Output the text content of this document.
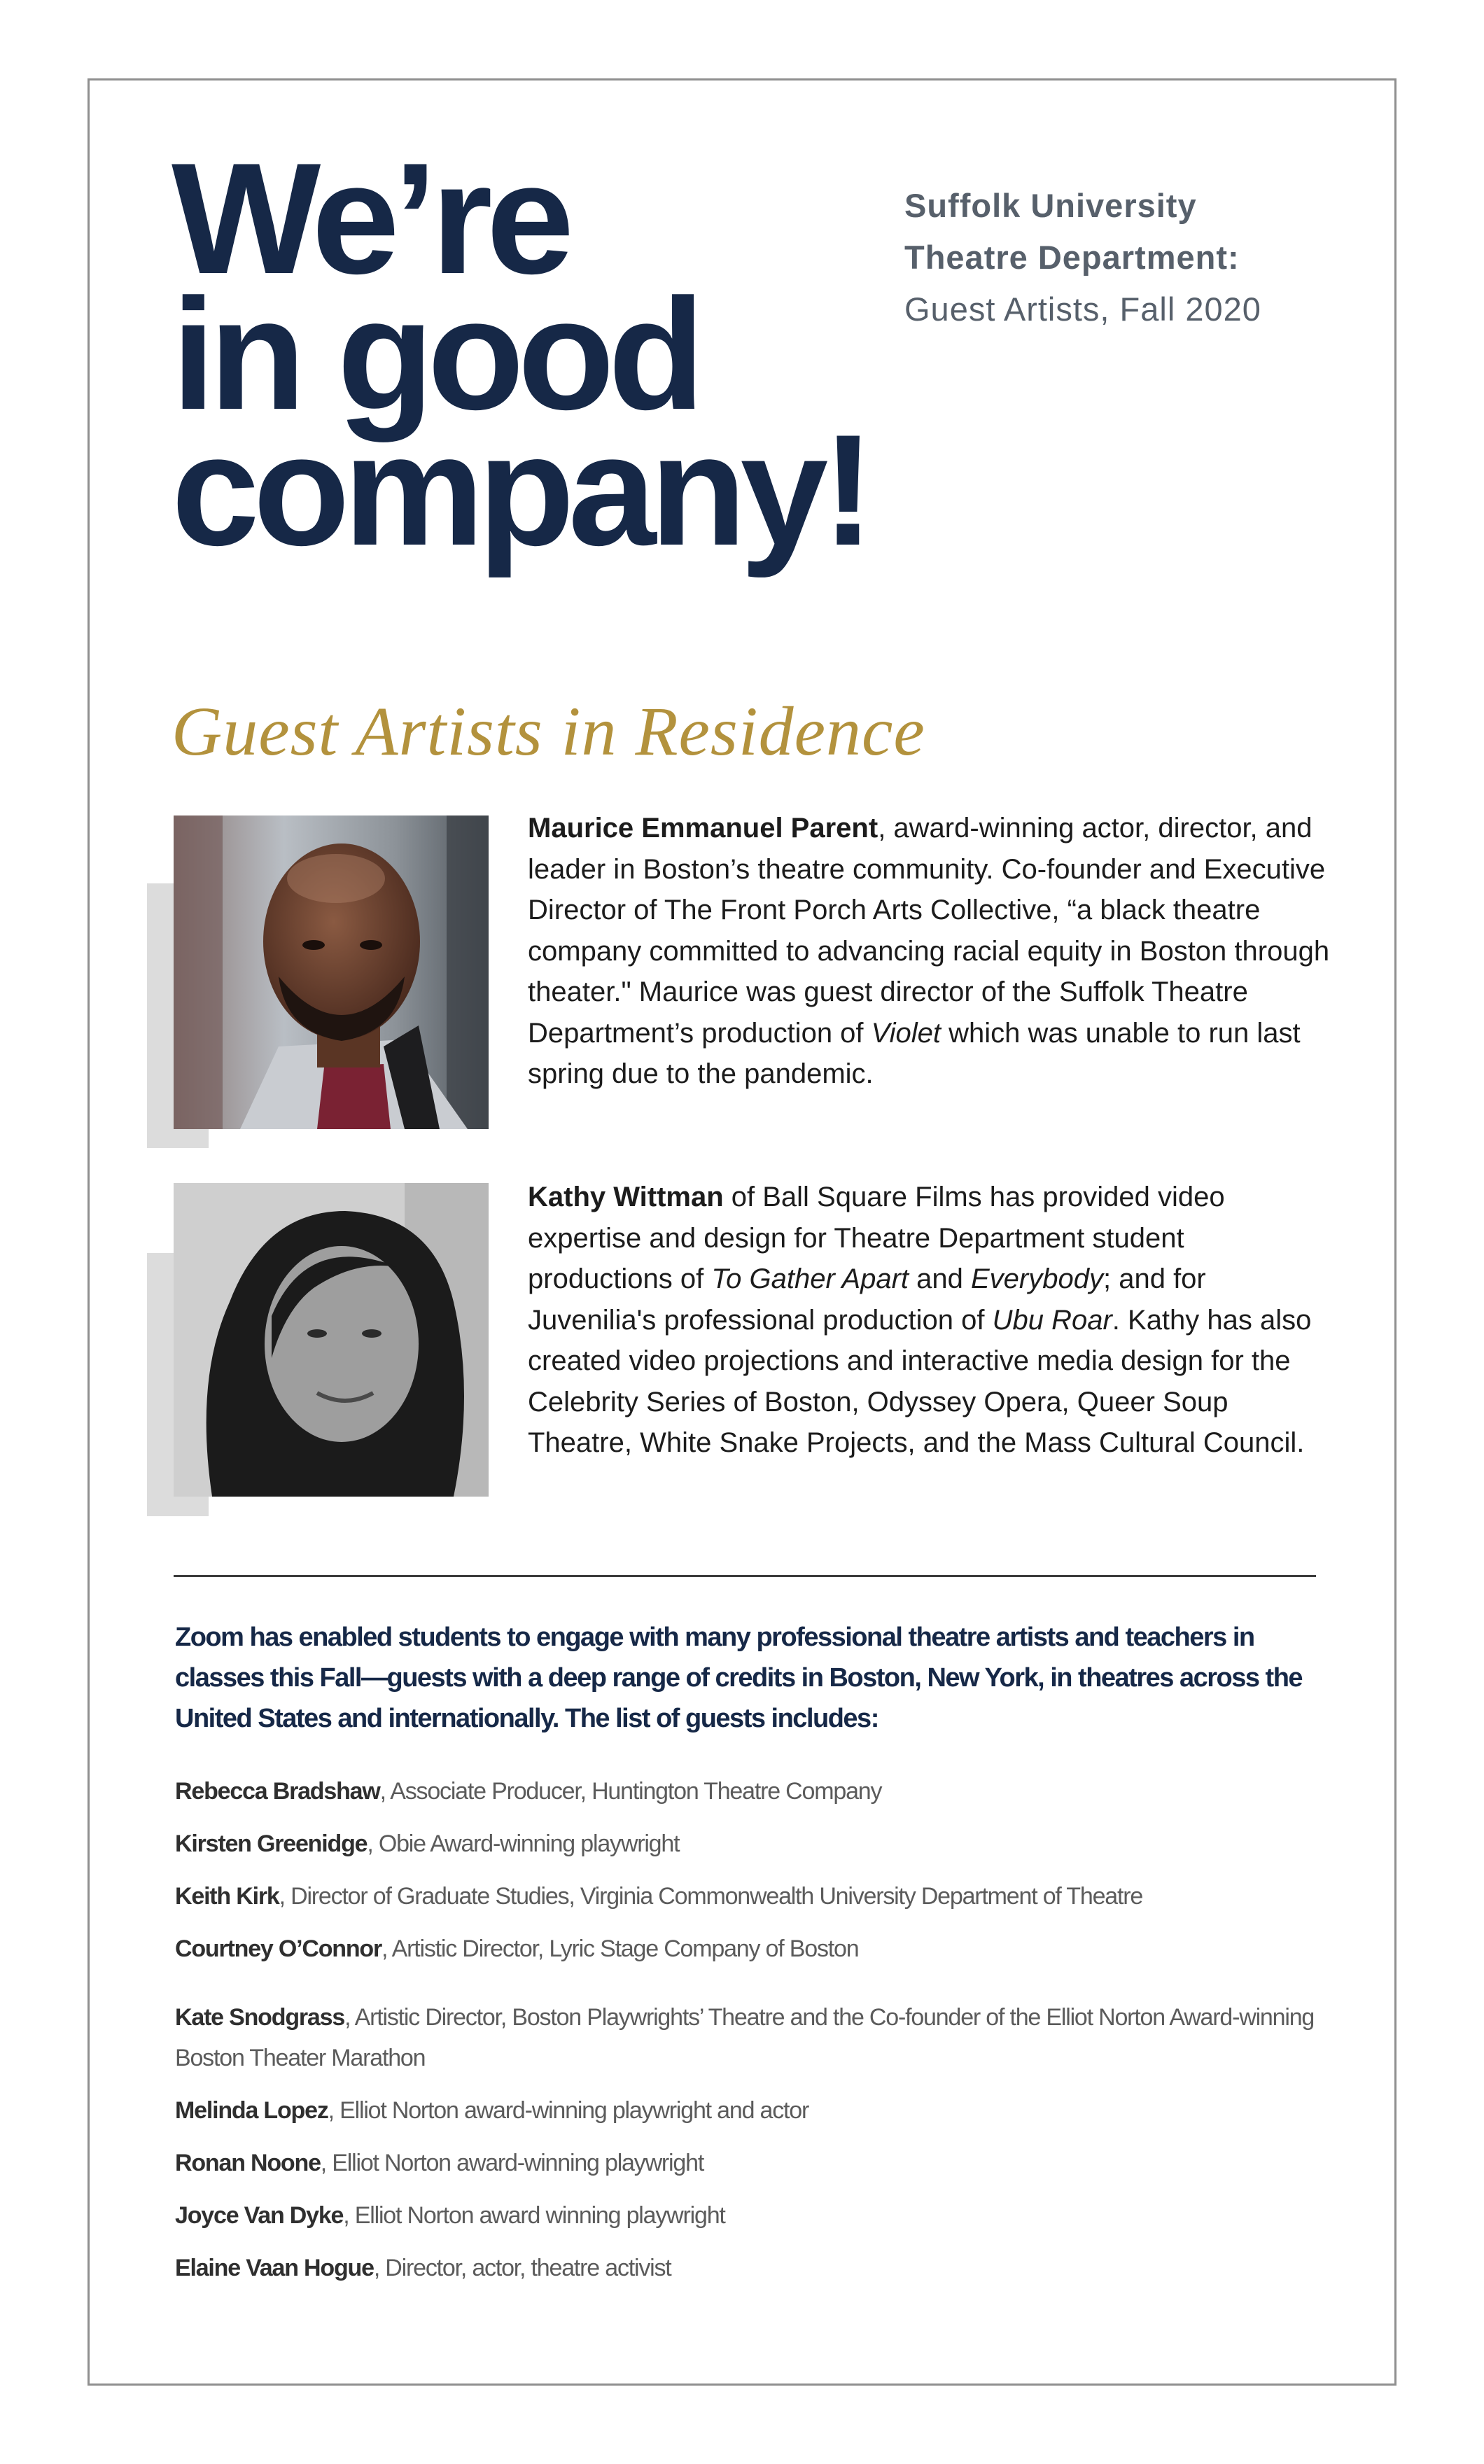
We’re
in good
company!
Suffolk University
Theatre Department:
Guest Artists, Fall 2020
Guest Artists in Residence

Maurice Emmanuel Parent, award-winning actor, director, and leader in Boston’s theatre community. Co-founder and Executive Director of The Front Porch Arts Collective, “a black theatre company committed to advancing racial equity in Boston through theater." Maurice was guest director of the Suffolk Theatre Department’s production of Violet which was unable to run last spring due to the pandemic.

Kathy Wittman of Ball Square Films has provided video expertise and design for Theatre Department student productions of To Gather Apart and Everybody; and for Juvenilia's professional production of Ubu Roar. Kathy has also created video projections and interactive media design for the Celebrity Series of Boston, Odyssey Opera, Queer Soup Theatre, White Snake Projects, and the Mass Cultural Council.

Zoom has enabled students to engage with many professional theatre artists and teachers in classes this Fall—guests with a deep range of credits in Boston, New York, in theatres across the United States and internationally. The list of guests includes:

Rebecca Bradshaw, Associate Producer, Huntington Theatre Company
Kirsten Greenidge, Obie Award-winning playwright
Keith Kirk, Director of Graduate Studies, Virginia Commonwealth University Department of Theatre
Courtney O’Connor, Artistic Director, Lyric Stage Company of Boston
Kate Snodgrass, Artistic Director, Boston Playwrights’ Theatre and the Co-founder of the Elliot Norton Award-winning Boston Theater Marathon
Melinda Lopez, Elliot Norton award-winning playwright and actor
Ronan Noone, Elliot Norton award-winning playwright
Joyce Van Dyke, Elliot Norton award winning playwright
Elaine Vaan Hogue, Director, actor, theatre activist
